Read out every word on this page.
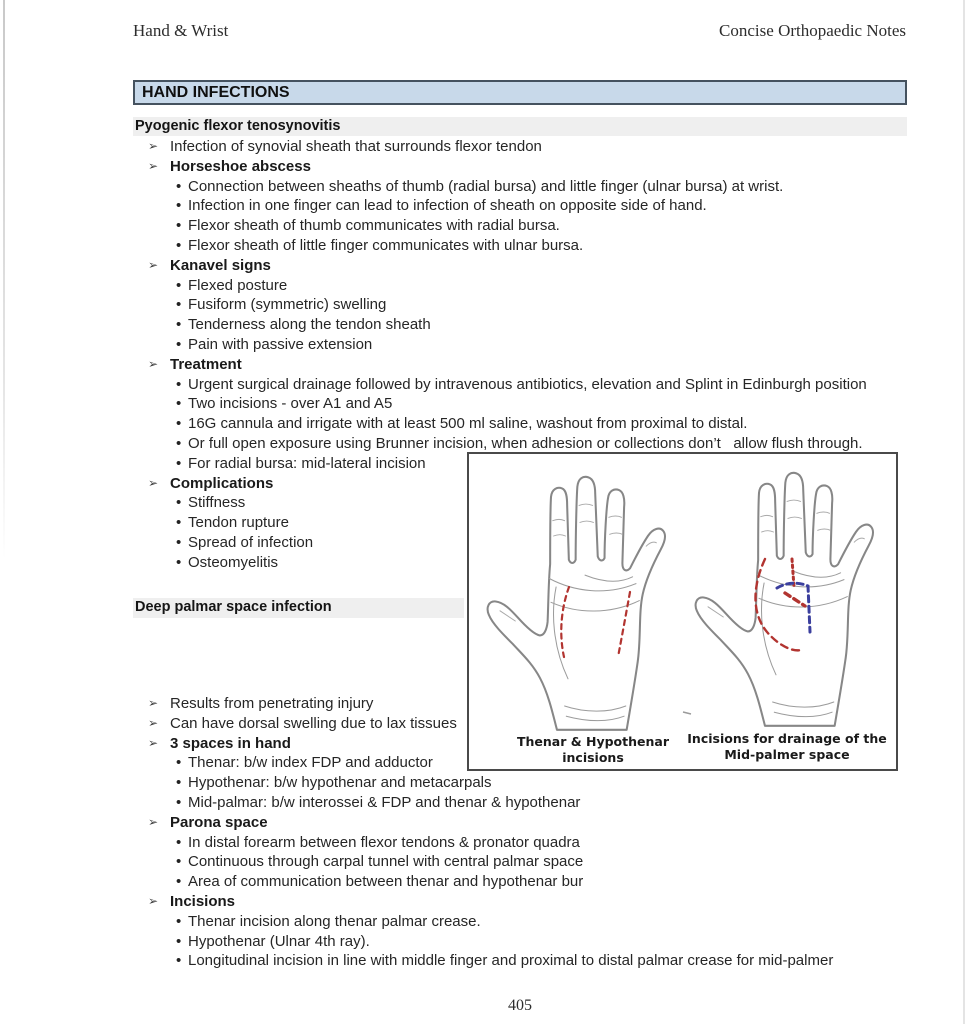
Hand & Wrist	Concise Orthopaedic Notes
HAND INFECTIONS
Pyogenic flexor tenosynovitis
➢ Infection of synovial sheath that surrounds flexor tendon
➢ Horseshoe abscess
• Connection between sheaths of thumb (radial bursa) and little finger (ulnar bursa) at wrist.
• Infection in one finger can lead to infection of sheath on opposite side of hand.
• Flexor sheath of thumb communicates with radial bursa.
• Flexor sheath of little finger communicates with ulnar bursa.
➢ Kanavel signs
• Flexed posture
• Fusiform (symmetric) swelling
• Tenderness along the tendon sheath
• Pain with passive extension
➢ Treatment
• Urgent surgical drainage followed by intravenous antibiotics, elevation and Splint in Edinburgh position
• Two incisions - over A1 and A5
• 16G cannula and irrigate with at least 500 ml saline, washout from proximal to distal.
• Or full open exposure using Brunner incision, when adhesion or collections don’t   allow flush through.
• For radial bursa: mid-lateral incision
➢ Complications
• Stiffness
• Tendon rupture
• Spread of infection
• Osteomyelitis
Deep palmar space infection
➢ Results from penetrating injury
➢ Can have dorsal swelling due to lax tissues
➢ 3 spaces in hand
• Thenar: b/w index FDP and adductor
• Hypothenar: b/w hypothenar and metacarpals
• Mid-palmar: b/w interossei & FDP and thenar & hypothenar
➢ Parona space
• In distal forearm between flexor tendons & pronator quadra
• Continuous through carpal tunnel with central palmar space
• Area of communication between thenar and hypothenar bur
➢ Incisions
• Thenar incision along thenar palmar crease.
• Hypothenar (Ulnar 4th ray).
• Longitudinal incision in line with middle finger and proximal to distal palmar crease for mid-palmer
Thenar & Hypothenar
incisions
Incisions for drainage of the
Mid-palmer space
405
